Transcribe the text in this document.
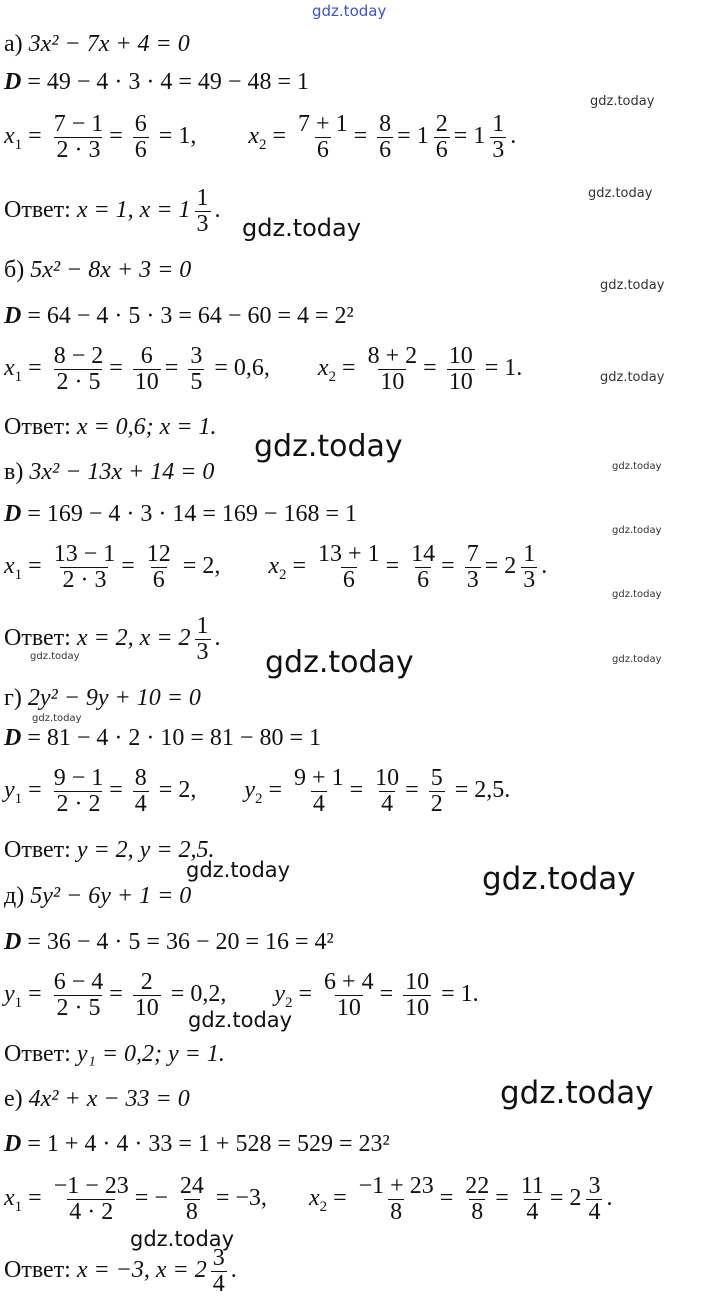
gdz.today
gdz.today
gdz.today
gdz.today
gdz.today
gdz.today
gdz.today
gdz.today
gdz.today
gdz.today
gdz.today	gdz.today
gdz.today
gdz.today
gdz.today	gdz.today
gdz.today
gdz.today
gdz.today
а) 3x² − 7x + 4 = 0
D = 49 − 4 · 3 · 4 = 49 − 48 = 1
$x_1 = \frac{7 - 1}{2 \cdot 3} = \frac{6}{6} = 1$, $x_2 = \frac{7 + 1}{6} = \frac{8}{6} = 1 \frac{2}{6} = 1 \frac{1}{3}$ .
Ответ: x = 1, $x = 1 \frac{1}{3}$ .
б) 5x² − 8x + 3 = 0
D = 64 − 4 · 5 · 3 = 64 − 60 = 4 = 2²
$x_1 = \frac{8 - 2}{2 \cdot 5} = \frac{6}{10} = \frac{3}{5} = 0,6$, $x_2 = \frac{8 + 2}{10} = \frac{10}{10} = 1$.
Ответ: x = 0,6; x = 1.
в) 3x² − 13x + 14 = 0
D = 169 − 4 · 3 · 14 = 169 − 168 = 1
$x_1 = \frac{13 - 1}{2 \cdot 3} = \frac{12}{6} = 2$, $x_2 = \frac{13 + 1}{6} = \frac{14}{6} = \frac{7}{3} = 2 \frac{1}{3}$ .
Ответ: x = 2, $x = 2 \frac{1}{3}$ .
г) 2y² − 9y + 10 = 0
D = 81 − 4 · 2 · 10 = 81 − 80 = 1
$y_1 = \frac{9 - 1}{2 \cdot 2} = \frac{8}{4} = 2$, $y_2 = \frac{9 + 1}{4} = \frac{10}{4} = \frac{5}{2} = 2,5$.
Ответ: y = 2, y = 2,5.
д) 5y² − 6y + 1 = 0
D = 36 − 4 · 5 = 36 − 20 = 16 = 4²
$y_1 = \frac{6 - 4}{2 \cdot 5} = \frac{2}{10} = 0,2$, $y_2 = \frac{6 + 4}{10} = \frac{10}{10} = 1$.
Ответ: y₁ = 0,2; y = 1.
е) 4x² + x − 33 = 0
D = 1 + 4 · 4 · 33 = 1 + 528 = 529 = 23²
$x_1 = \frac{-1 - 23}{4 \cdot 2}$ = − $\frac{24}{8} = -3$, $x_2 = \frac{-1 + 23}{8} = \frac{22}{8} = \frac{11}{4} = 2 \frac{3}{4}$ .
Ответ: x = −3, $x = 2 \frac{3}{4}$ .
